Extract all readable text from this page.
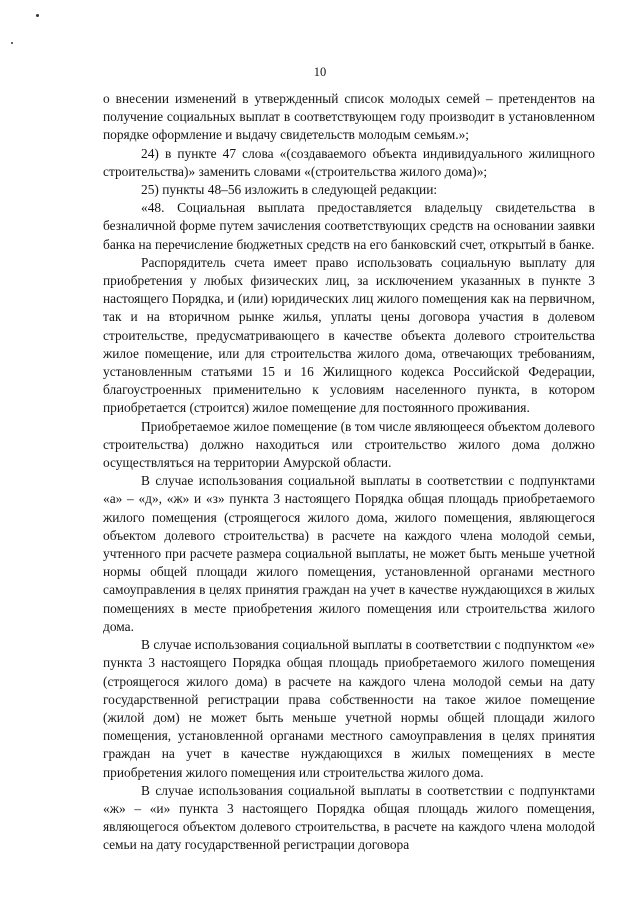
10

о внесении изменений в утвержденный список молодых семей – претендентов на получение социальных выплат в соответствующем году производит в установленном порядке оформление и выдачу свидетельств молодым семьям.»;

24) в пункте 47 слова «(создаваемого объекта индивидуального жилищного строительства)» заменить словами «(строительства жилого дома)»;

25) пункты 48–56 изложить в следующей редакции:

«48. Социальная выплата предоставляется владельцу свидетельства в безналичной форме путем зачисления соответствующих средств на основании заявки банка на перечисление бюджетных средств на его банковский счет, открытый в банке.

Распорядитель счета имеет право использовать социальную выплату для приобретения у любых физических лиц, за исключением указанных в пункте 3 настоящего Порядка, и (или) юридических лиц жилого помещения как на первичном, так и на вторичном рынке жилья, уплаты цены договора участия в долевом строительстве, предусматривающего в качестве объекта долевого строительства жилое помещение, или для строительства жилого дома, отвечающих требованиям, установленным статьями 15 и 16 Жилищного кодекса Российской Федерации, благоустроенных применительно к условиям населенного пункта, в котором приобретается (строится) жилое помещение для постоянного проживания.

Приобретаемое жилое помещение (в том числе являющееся объектом долевого строительства) должно находиться или строительство жилого дома должно осуществляться на территории Амурской области.

В случае использования социальной выплаты в соответствии с подпунктами «а» – «д», «ж» и «з» пункта 3 настоящего Порядка общая площадь приобретаемого жилого помещения (строящегося жилого дома, жилого помещения, являющегося объектом долевого строительства) в расчете на каждого члена молодой семьи, учтенного при расчете размера социальной выплаты, не может быть меньше учетной нормы общей площади жилого помещения, установленной органами местного самоуправления в целях принятия граждан на учет в качестве нуждающихся в жилых помещениях в месте приобретения жилого помещения или строительства жилого дома.

В случае использования социальной выплаты в соответствии с подпунктом «е» пункта 3 настоящего Порядка общая площадь приобретаемого жилого помещения (строящегося жилого дома) в расчете на каждого члена молодой семьи на дату государственной регистрации права собственности на такое жилое помещение (жилой дом) не может быть меньше учетной нормы общей площади жилого помещения, установленной органами местного самоуправления в целях принятия граждан на учет в качестве нуждающихся в жилых помещениях в месте приобретения жилого помещения или строительства жилого дома.

В случае использования социальной выплаты в соответствии с подпунктами «ж» – «и» пункта 3 настоящего Порядка общая площадь жилого помещения, являющегося объектом долевого строительства, в расчете на каждого члена молодой семьи на дату государственной регистрации договора
